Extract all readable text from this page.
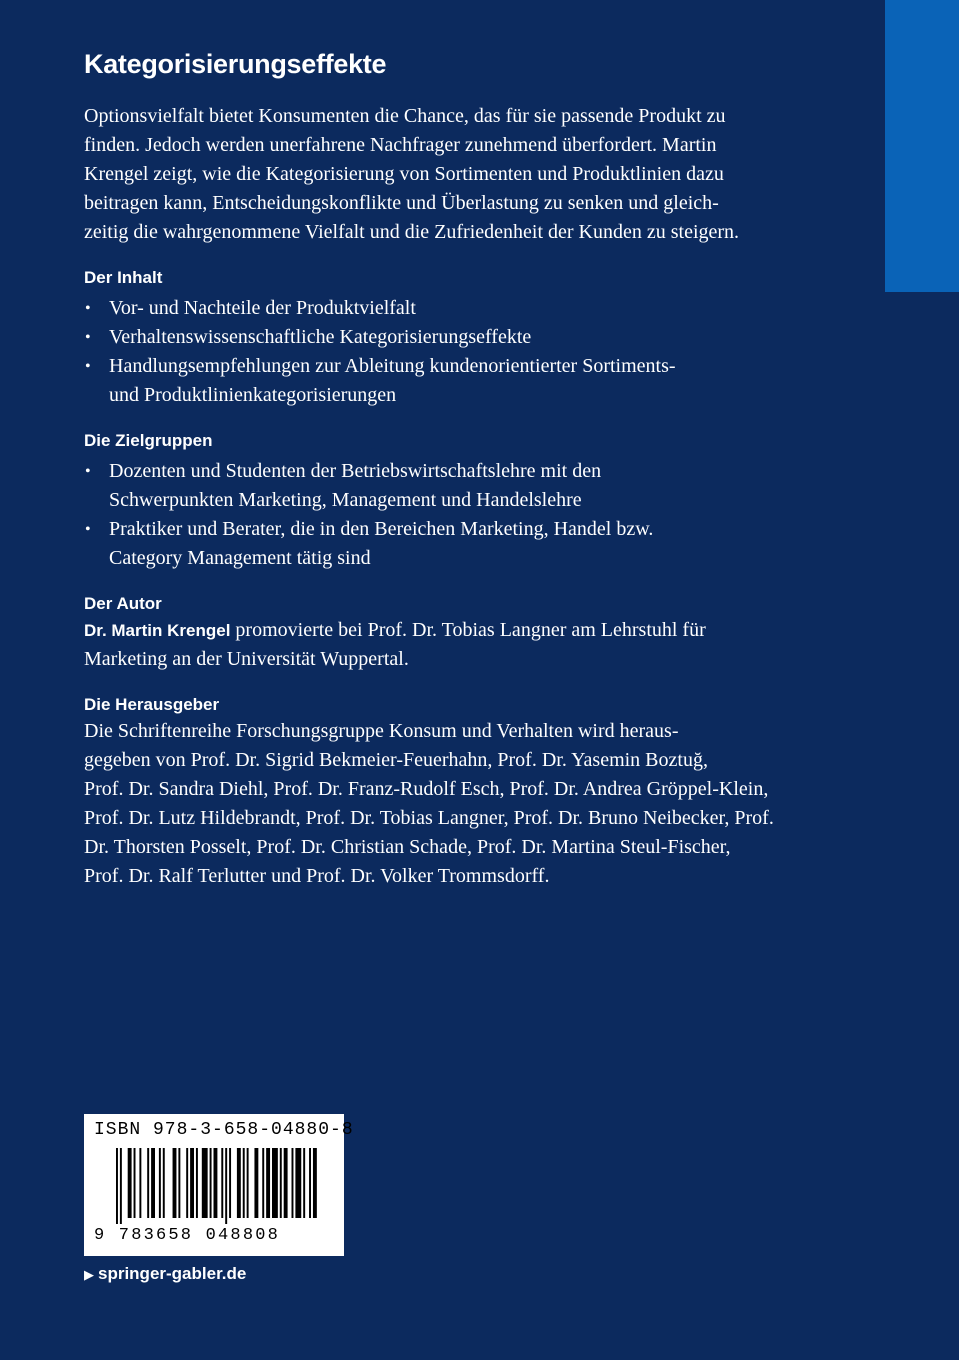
Kategorisierungseffekte

Optionsvielfalt bietet Konsumenten die Chance, das für sie passende Produkt zu
finden. Jedoch werden unerfahrene Nachfrager zunehmend überfordert. Martin
Krengel zeigt, wie die Kategorisierung von Sortimenten und Produktlinien dazu
beitragen kann, Entscheidungskonflikte und Überlastung zu senken und gleich-
zeitig die wahrgenommene Vielfalt und die Zufriedenheit der Kunden zu steigern.

Der Inhalt
• Vor- und Nachteile der Produktvielfalt
• Verhaltenswissenschaftliche Kategorisierungseffekte
• Handlungsempfehlungen zur Ableitung kundenorientierter Sortiments-
und Produktlinienkategorisierungen
Die Zielgruppen
• Dozenten und Studenten der Betriebswirtschaftslehre mit den
Schwerpunkten Marketing, Management und Handelslehre
• Praktiker und Berater, die in den Bereichen Marketing, Handel bzw.
Category Management tätig sind
Der Autor

Dr. Martin Krengel promovierte bei Prof. Dr. Tobias Langner am Lehrstuhl für
Marketing an der Universität Wuppertal.

Die Herausgeber

Die Schriftenreihe Forschungsgruppe Konsum und Verhalten wird heraus-
gegeben von Prof. Dr. Sigrid Bekmeier-Feuerhahn, Prof. Dr. Yasemin Boztuğ,
Prof. Dr. Sandra Diehl, Prof. Dr. Franz-Rudolf Esch, Prof. Dr. Andrea Gröppel-Klein,
Prof. Dr. Lutz Hildebrandt, Prof. Dr. Tobias Langner, Prof. Dr. Bruno Neibecker, Prof.
Dr. Thorsten Posselt, Prof. Dr. Christian Schade, Prof. Dr. Martina Steul-Fischer,
Prof. Dr. Ralf Terlutter und Prof. Dr. Volker Trommsdorff.

ISBN 978-3-658-04880-8
9 783658 048808
▶ springer-gabler.de
